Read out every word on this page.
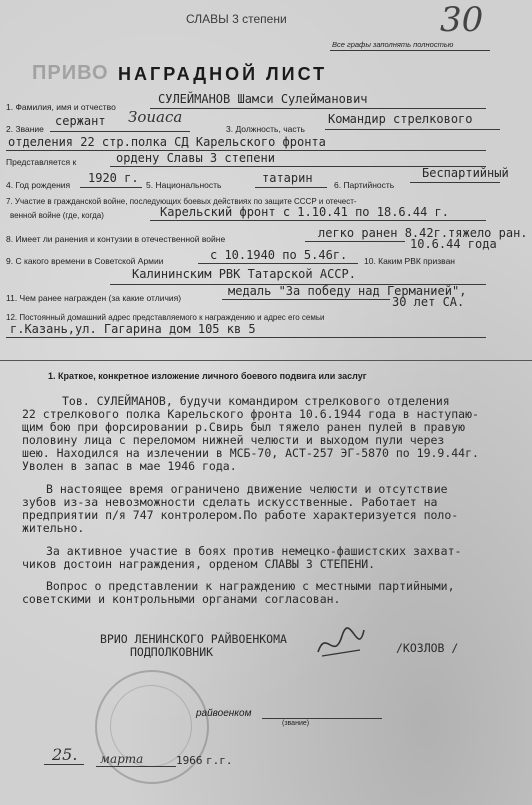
СЛАВЫ 3 степени	30
Все графы заполнять полностью
ПРИВО НАГРАДНОЙ ЛИСТ
1. Фамилия, имя и отчество
СУЛЕЙМАНОВ Шамси Сулейманович
2. Звание
сержант Зоиаса
3. Должность, часть
Командир стрелкового
отделения 22 стр.полка СД Карельского фронта
Представляется к	ордену Славы 3 степени
4. Год рождения 1920 г. 5. Национальность	татарин	6. Партийность
Беспартийный
7. Участие в гражданской войне, последующих боевых действиях по защите СССР и отечест-
венной войне (где, когда)	Карельский фронт с 1.10.41 по 18.6.44 г.
8. Имеет ли ранения и контузии в отечественной войне	легко ранен 8.42г.тяжело ран.
10.6.44 года
9. С какого времени в Советской Армии	с 10.1940 по 5.46г. 10. Каким РВК призван
Калининским РВК Татарской АССР.
11. Чем ранее награжден (за какие отличия)	медаль "За победу над Германией",
30 лет СА.
12. Постоянный домашний адрес представляемого к награждению и адрес его семьи
г.Казань,ул. Гагарина дом 105 кв 5
1. Краткое, конкретное изложение личного боевого подвига или заслуг
Тов. СУЛЕЙМАНОВ, будучи командиром стрелкового отделения
22 стрелкового полка Карельского фронта 10.6.1944 года в наступаю-
щим бою при форсировании р.Свирь был тяжело ранен пулей в правую
половину лица с переломом нижней челюсти и выходом пули через
шею. Находился на излечении в МСБ-70, АСТ-257 ЭГ-5870 по 19.9.44г.
Уволен в запас в мае 1946 года.
В настоящее время ограничено движение челюсти и отсутствие
зубов из-за невозможности сделать искусственные. Работает на
предприятии п/я 747 контролером.По работе характеризуется поло-
жительно.
За активное участие в боях против немецко-фашистских захват-
чиков достоин награждения, орденом СЛАВЫ 3 СТЕПЕНИ.
Вопрос о представлении к награждению с местными партийными,
советскими и контрольными органами согласован.
ВРИО ЛЕНИНСКОГО РАЙВОЕНКОМА
ПОДПОЛКОВНИК	/КОЗЛОВ /
райвоенком
(звание)
25. марта	1966 г.г.
